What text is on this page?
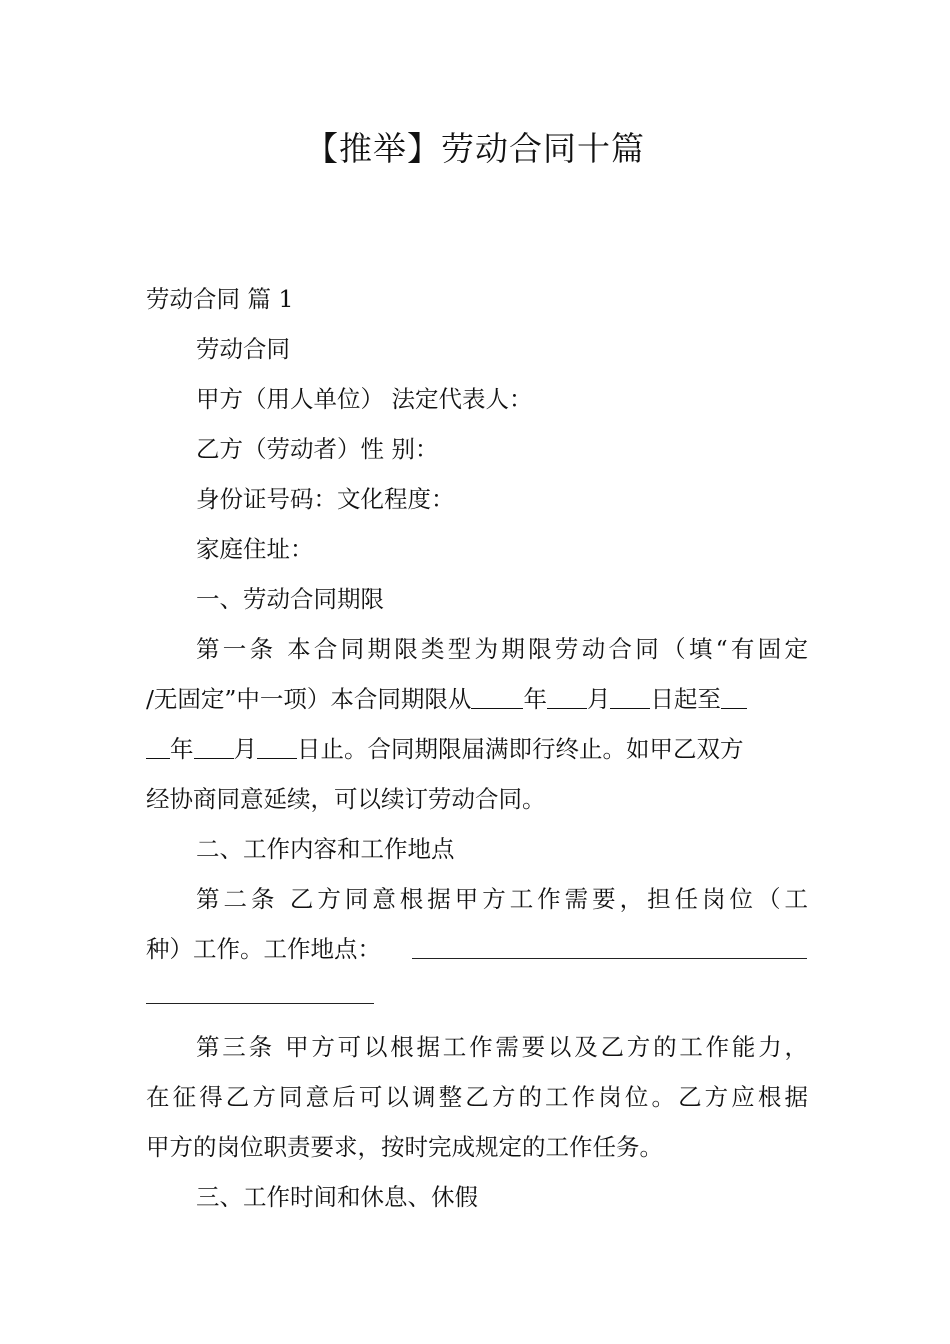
【推举】劳动合同十篇
劳动合同 篇 1
劳动合同
甲方（用人单位） 法定代表人：
乙方（劳动者）性 别：
身份证号码：文化程度：
家庭住址：
一、劳动合同期限
第一条 本合同期限类型为期限劳动合同（填“有固定
/无固定”中一项）本合同期限从 年 月 日起至
年 月 日止。合同期限届满即行终止。如甲乙双方
经协商同意延续，可以续订劳动合同。
二、工作内容和工作地点
第二条 乙方同意根据甲方工作需要，担任岗位（工
种）工作。工作地点：
第三条 甲方可以根据工作需要以及乙方的工作能力，
在征得乙方同意后可以调整乙方的工作岗位。乙方应根据
甲方的岗位职责要求，按时完成规定的工作任务。
三、工作时间和休息、休假
